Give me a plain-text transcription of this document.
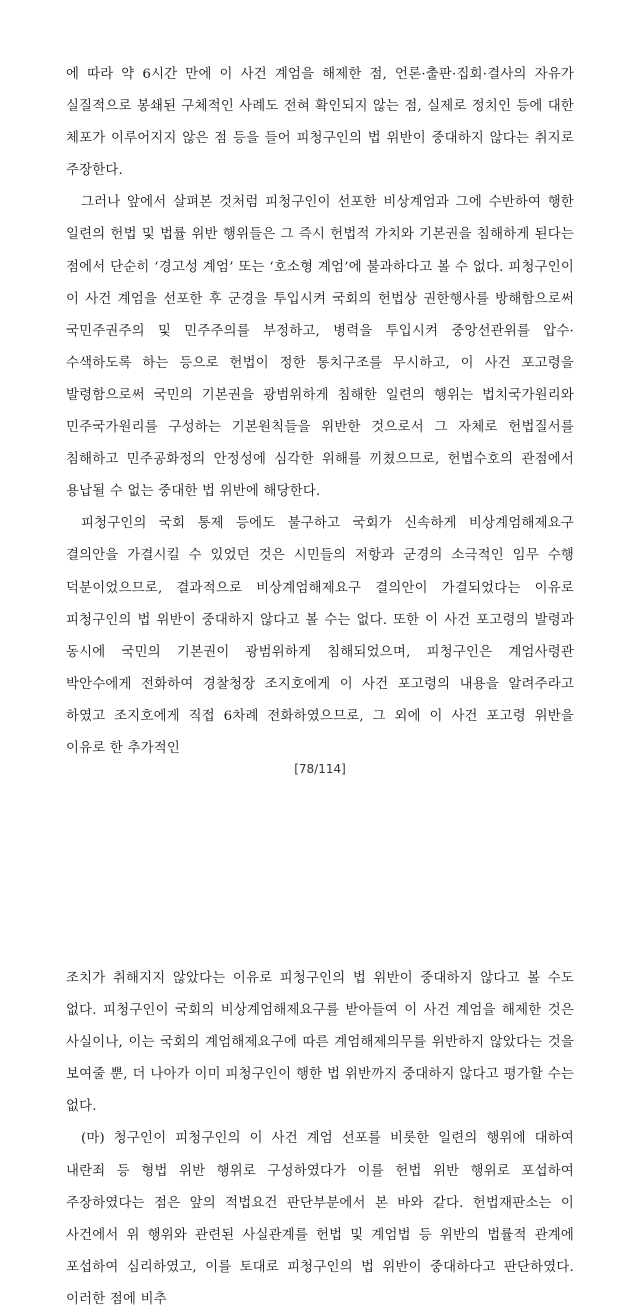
에 따라 약 6시간 만에 이 사건 계엄을 해제한 점, 언론·출판·집회·결사의 자유가 실질적으로 봉쇄된 구체적인 사례도 전혀 확인되지 않는 점, 실제로 정치인 등에 대한 체포가 이루어지지 않은 점 등을 들어 피청구인의 법 위반이 중대하지 않다는 취지로 주장한다.

그러나 앞에서 살펴본 것처럼 피청구인이 선포한 비상계엄과 그에 수반하여 행한 일련의 헌법 및 법률 위반 행위들은 그 즉시 헌법적 가치와 기본권을 침해하게 된다는 점에서 단순히 ‘경고성 계엄’ 또는 ‘호소형 계엄’에 불과하다고 볼 수 없다. 피청구인이 이 사건 계엄을 선포한 후 군경을 투입시켜 국회의 헌법상 권한행사를 방해함으로써 국민주권주의 및 민주주의를 부정하고, 병력을 투입시켜 중앙선관위를 압수·수색하도록 하는 등으로 헌법이 정한 통치구조를 무시하고, 이 사건 포고령을 발령함으로써 국민의 기본권을 광범위하게 침해한 일련의 행위는 법치국가원리와 민주국가원리를 구성하는 기본원칙들을 위반한 것으로서 그 자체로 헌법질서를 침해하고 민주공화정의 안정성에 심각한 위해를 끼쳤으므로, 헌법수호의 관점에서 용납될 수 없는 중대한 법 위반에 해당한다.

피청구인의 국회 통제 등에도 불구하고 국회가 신속하게 비상계엄해제요구 결의안을 가결시킬 수 있었던 것은 시민들의 저항과 군경의 소극적인 임무 수행 덕분이었으므로, 결과적으로 비상계엄해제요구 결의안이 가결되었다는 이유로 피청구인의 법 위반이 중대하지 않다고 볼 수는 없다. 또한 이 사건 포고령의 발령과 동시에 국민의 기본권이 광범위하게 침해되었으며, 피청구인은 계엄사령관 박안수에게 전화하여 경찰청장 조지호에게 이 사건 포고령의 내용을 알려주라고 하였고 조지호에게 직접 6차례 전화하였으므로, 그 외에 이 사건 포고령 위반을 이유로 한 추가적인

[78/114]

조치가 취해지지 않았다는 이유로 피청구인의 법 위반이 중대하지 않다고 볼 수도 없다. 피청구인이 국회의 비상계엄해제요구를 받아들여 이 사건 계엄을 해제한 것은 사실이나, 이는 국회의 계엄해제요구에 따른 계엄해제의무를 위반하지 않았다는 것을 보여줄 뿐, 더 나아가 이미 피청구인이 행한 법 위반까지 중대하지 않다고 평가할 수는 없다.

(마) 청구인이 피청구인의 이 사건 계엄 선포를 비롯한 일련의 행위에 대하여 내란죄 등 형법 위반 행위로 구성하였다가 이를 헌법 위반 행위로 포섭하여 주장하였다는 점은 앞의 적법요건 판단부분에서 본 바와 같다. 헌법재판소는 이 사건에서 위 행위와 관련된 사실관계를 헌법 및 계엄법 등 위반의 법률적 관계에 포섭하여 심리하였고, 이를 토대로 피청구인의 법 위반이 중대하다고 판단하였다. 이러한 점에 비추
